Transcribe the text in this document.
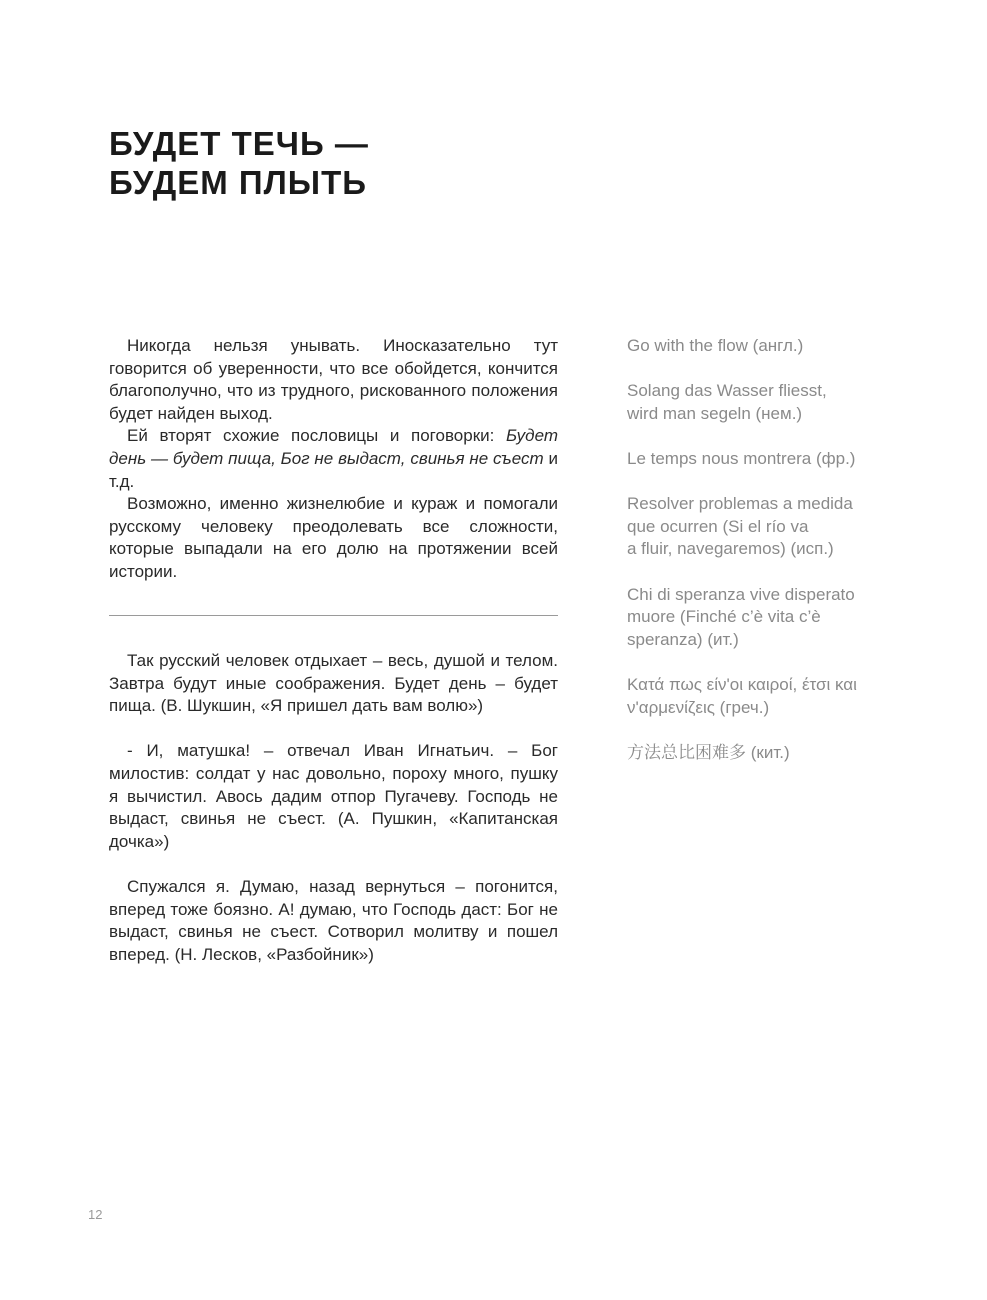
БУДЕТ ТЕЧЬ —
БУДЕМ ПЛЫТЬ

Никогда нельзя унывать. Иносказательно тут говорится об уверенности, что все обойдется, кончится благополучно, что из трудного, рискованного положения будет найден выход.

Ей вторят схожие пословицы и поговорки: Будет день — будет пища, Бог не выдаст, свинья не съест и т.д.

Возможно, именно жизнелюбие и кураж и помогали русскому человеку преодолевать все сложности, которые выпадали на его долю на протяжении всей истории.

Так русский человек отдыхает – весь, душой и телом. Завтра будут иные соображения. Будет день – будет пища. (В. Шукшин, «Я пришел дать вам волю»)

- И, матушка! – отвечал Иван Игнатьич. – Бог милостив: солдат у нас довольно, пороху много, пушку я вычистил. Авось дадим отпор Пугачеву. Господь не выдаст, свинья не съест. (А. Пушкин, «Капитанская дочка»)

Спужался я. Думаю, назад вернуться – погонится, вперед тоже боязно. А! думаю, что Господь даст: Бог не выдаст, свинья не съест. Сотворил молитву и пошел вперед. (Н. Лесков, «Разбойник»)

Go with the flow (англ.)
Solang das Wasser fliesst,
wird man segeln (нем.)
Le temps nous montrera (фр.)
Resolver problemas a medida
que ocurren (Si el río va
a fluir, navegaremos) (исп.)
Chi di speranza vive disperato
muore (Finché c’è vita c’è
speranza) (ит.)
Κατά πως είν'οι καιροί, έτσι και
ν'αρμενίζεις (греч.)
方法总比困难多 (кит.)
12
